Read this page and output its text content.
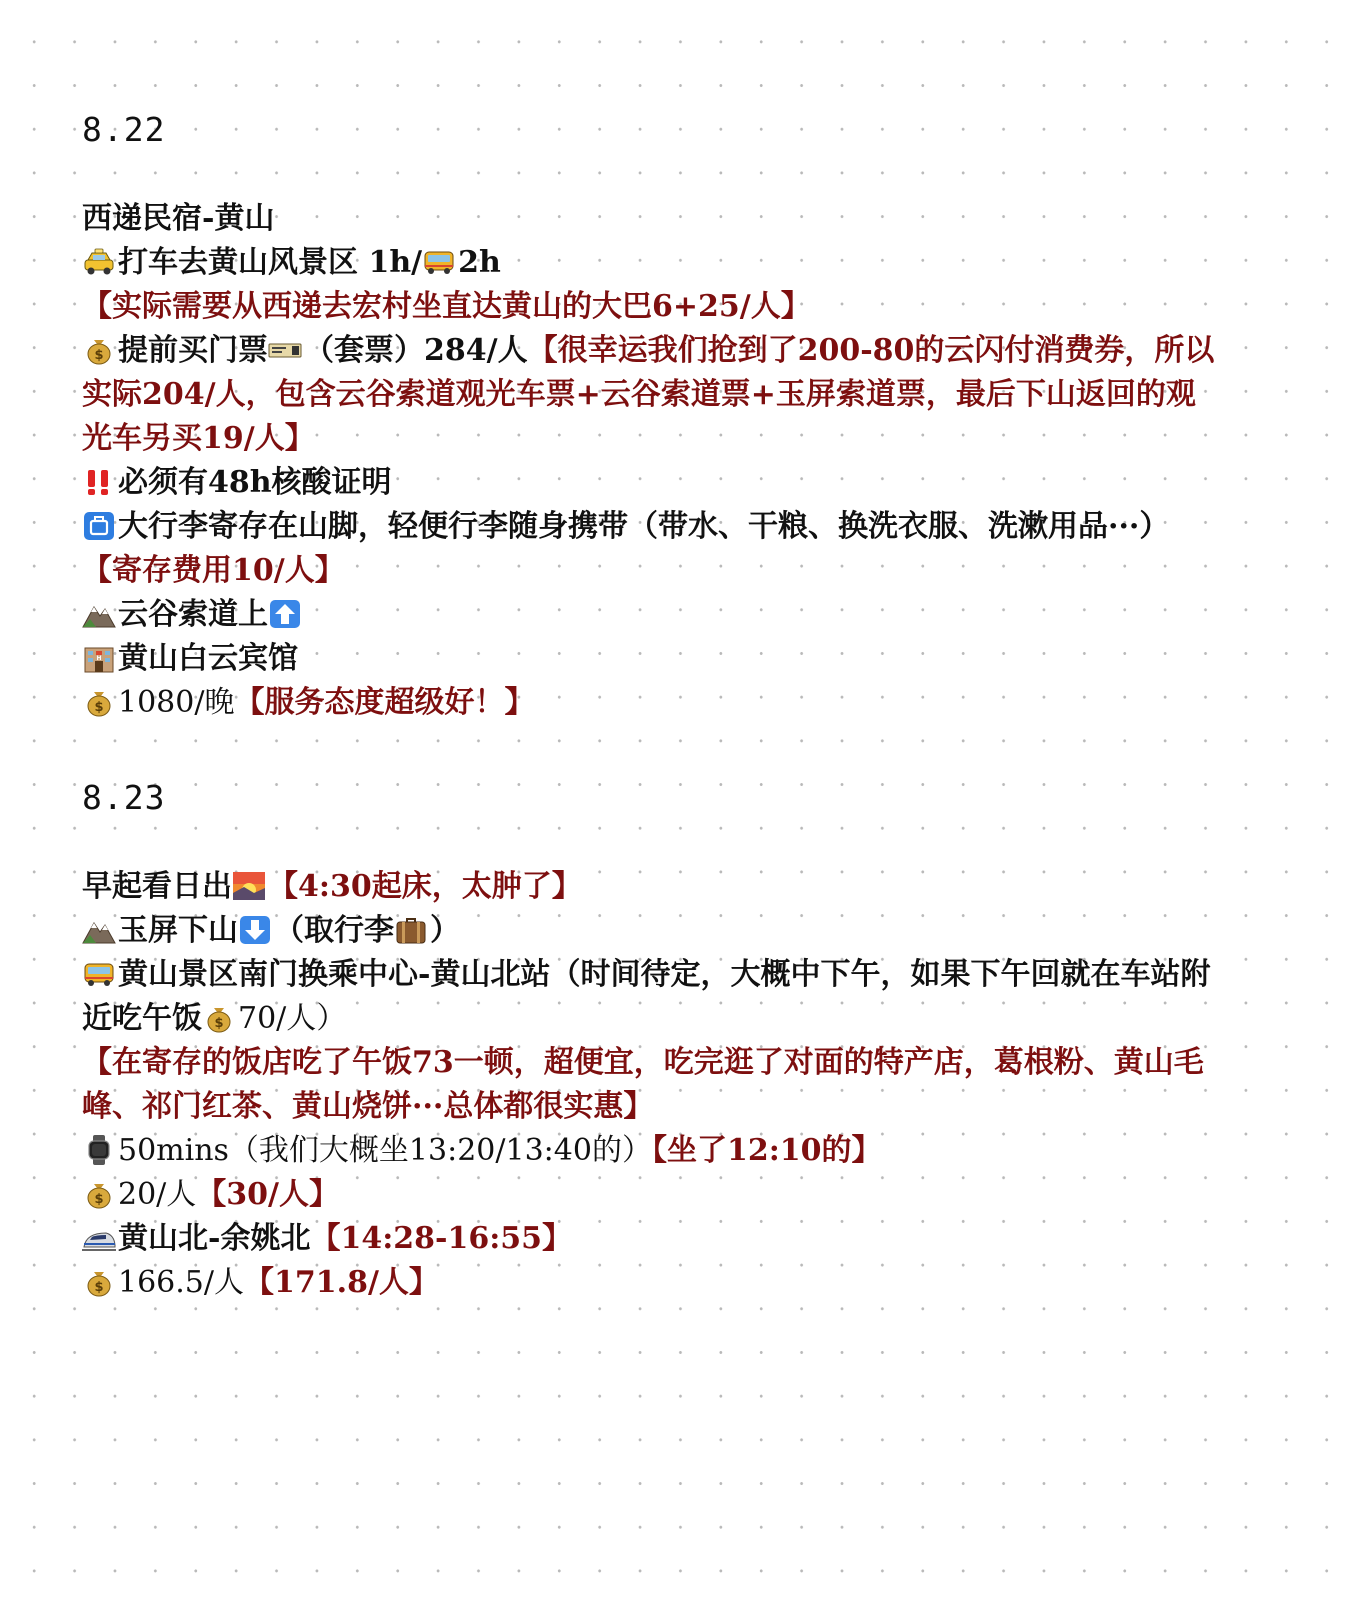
8.22
西递民宿-黄山
打车去黄山风景区 1h/ 2h
【实际需要从西递去宏村坐直达黄山的大巴6+25/人】
$ 提前买门票 （套票）284/人【很幸运我们抢到了200-80的云闪付消费券，所以实际204/人，包含云谷索道观光车票+云谷索道票+玉屏索道票，最后下山返回的观光车另买19/人】
必须有48h核酸证明
大行李寄存在山脚，轻便行李随身携带（带水、干粮、换洗衣服、洗漱用品···）
【寄存费用10/人】
云谷索道上
H 黄山白云宾馆
$ 1080/晚【服务态度超级好！】
8.23
早起看日出 【4:30起床，太肿了】
玉屏下山 （取行李 ）
黄山景区南门换乘中心-黄山北站（时间待定，大概中下午，如果下午回就在车站附近吃午饭 $ 70/人）
【在寄存的饭店吃了午饭73一顿，超便宜，吃完逛了对面的特产店，葛根粉、黄山毛峰、祁门红茶、黄山烧饼···总体都很实惠】
50mins（我们大概坐13:20/13:40的）【坐了12:10的】
$ 20/人【30/人】
黄山北-余姚北【14:28-16:55】
$ 166.5/人【171.8/人】
